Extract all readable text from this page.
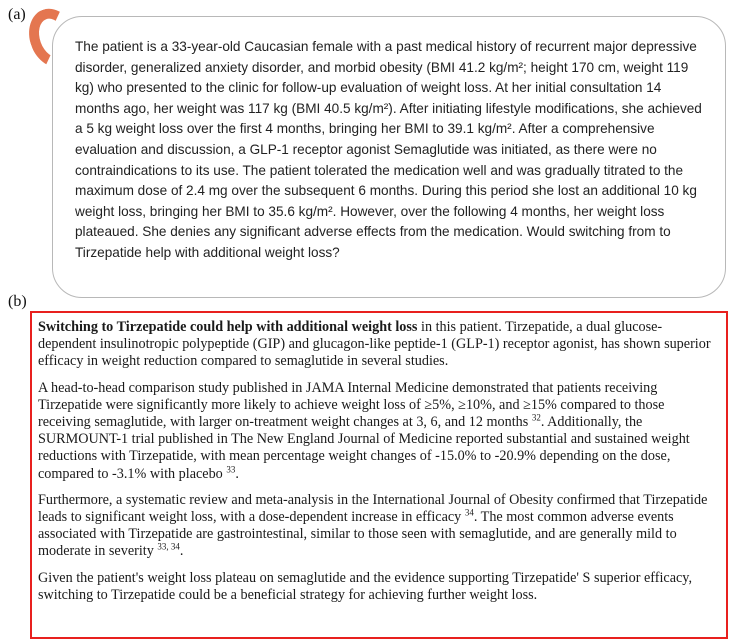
(a)

The patient is a 33-year-old Caucasian female with a past medical history of recurrent major depressive disorder, generalized anxiety disorder, and morbid obesity (BMI 41.2 kg/m²; height 170 cm, weight 119 kg) who presented to the clinic for follow-up evaluation of weight loss. At her initial consultation 14 months ago, her weight was 117 kg (BMI 40.5 kg/m²). After initiating lifestyle modifications, she achieved a 5 kg weight loss over the first 4 months, bringing her BMI to 39.1 kg/m². After a comprehensive evaluation and discussion, a GLP-1 receptor agonist Semaglutide was initiated, as there were no contraindications to its use. The patient tolerated the medication well and was gradually titrated to the maximum dose of 2.4 mg over the subsequent 6 months. During this period she lost an additional 10 kg weight loss, bringing her BMI to 35.6 kg/m². However, over the following 4 months, her weight loss plateaued. She denies any significant adverse effects from the medication. Would switching from to Tirzepatide help with additional weight loss?

(b)

Switching to Tirzepatide could help with additional weight loss in this patient. Tirzepatide, a dual glucose-dependent insulinotropic polypeptide (GIP) and glucagon-like peptide-1 (GLP-1) receptor agonist, has shown superior efficacy in weight reduction compared to semaglutide in several studies.

A head-to-head comparison study published in JAMA Internal Medicine demonstrated that patients receiving Tirzepatide were significantly more likely to achieve weight loss of ≥5%, ≥10%, and ≥15% compared to those receiving semaglutide, with larger on-treatment weight changes at 3, 6, and 12 months $^{32}$. Additionally, the SURMOUNT-1 trial published in The New England Journal of Medicine reported substantial and sustained weight reductions with Tirzepatide, with mean percentage weight changes of -15.0% to -20.9% depending on the dose, compared to -3.1% with placebo $^{33}$.

Furthermore, a systematic review and meta-analysis in the International Journal of Obesity confirmed that Tirzepatide leads to significant weight loss, with a dose-dependent increase in efficacy $^{34}$. The most common adverse events associated with Tirzepatide are gastrointestinal, similar to those seen with semaglutide, and are generally mild to moderate in severity $^{33, 34}$.

Given the patient's weight loss plateau on semaglutide and the evidence supporting Tirzepatide' S superior efficacy, switching to Tirzepatide could be a beneficial strategy for achieving further weight loss.
